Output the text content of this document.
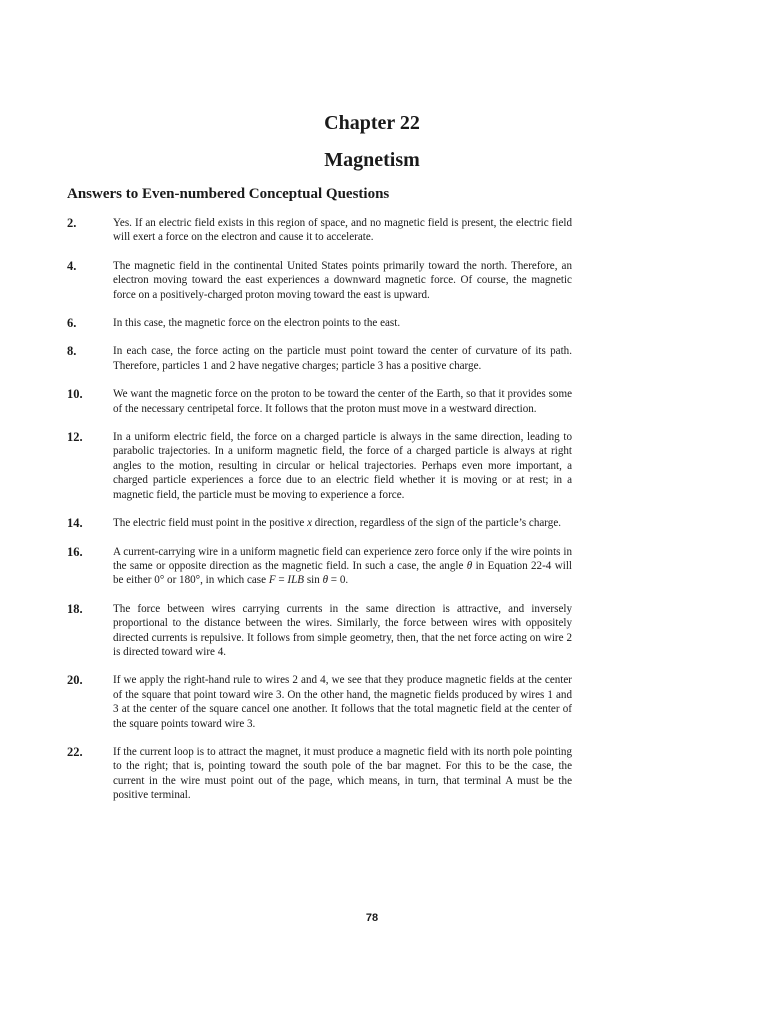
Chapter 22
Magnetism
Answers to Even-numbered Conceptual Questions
2.	Yes. If an electric field exists in this region of space, and no magnetic field is present, the electric field will exert a force on the electron and cause it to accelerate.
4.	The magnetic field in the continental United States points primarily toward the north. Therefore, an electron moving toward the east experiences a downward magnetic force. Of course, the magnetic force on a positively-charged proton moving toward the east is upward.
6.	In this case, the magnetic force on the electron points to the east.
8.	In each case, the force acting on the particle must point toward the center of curvature of its path. Therefore, particles 1 and 2 have negative charges; particle 3 has a positive charge.
10.	We want the magnetic force on the proton to be toward the center of the Earth, so that it provides some of the necessary centripetal force. It follows that the proton must move in a westward direction.
12.	In a uniform electric field, the force on a charged particle is always in the same direction, leading to parabolic trajectories. In a uniform magnetic field, the force of a charged particle is always at right angles to the motion, resulting in circular or helical trajectories. Perhaps even more important, a charged particle experiences a force due to an electric field whether it is moving or at rest; in a magnetic field, the particle must be moving to experience a force.
14.	The electric field must point in the positive x direction, regardless of the sign of the particle’s charge.
16.	A current-carrying wire in a uniform magnetic field can experience zero force only if the wire points in the same or opposite direction as the magnetic field. In such a case, the angle θ in Equation 22-4 will be either 0° or 180°, in which case F = ILB sin θ = 0.
18.	The force between wires carrying currents in the same direction is attractive, and inversely proportional to the distance between the wires. Similarly, the force between wires with oppositely directed currents is repulsive. It follows from simple geometry, then, that the net force acting on wire 2 is directed toward wire 4.
20.	If we apply the right-hand rule to wires 2 and 4, we see that they produce magnetic fields at the center of the square that point toward wire 3. On the other hand, the magnetic fields produced by wires 1 and 3 at the center of the square cancel one another. It follows that the total magnetic field at the center of the square points toward wire 3.
22.	If the current loop is to attract the magnet, it must produce a magnetic field with its north pole pointing to the right; that is, pointing toward the south pole of the bar magnet. For this to be the case, the current in the wire must point out of the page, which means, in turn, that terminal A must be the positive terminal.
78
